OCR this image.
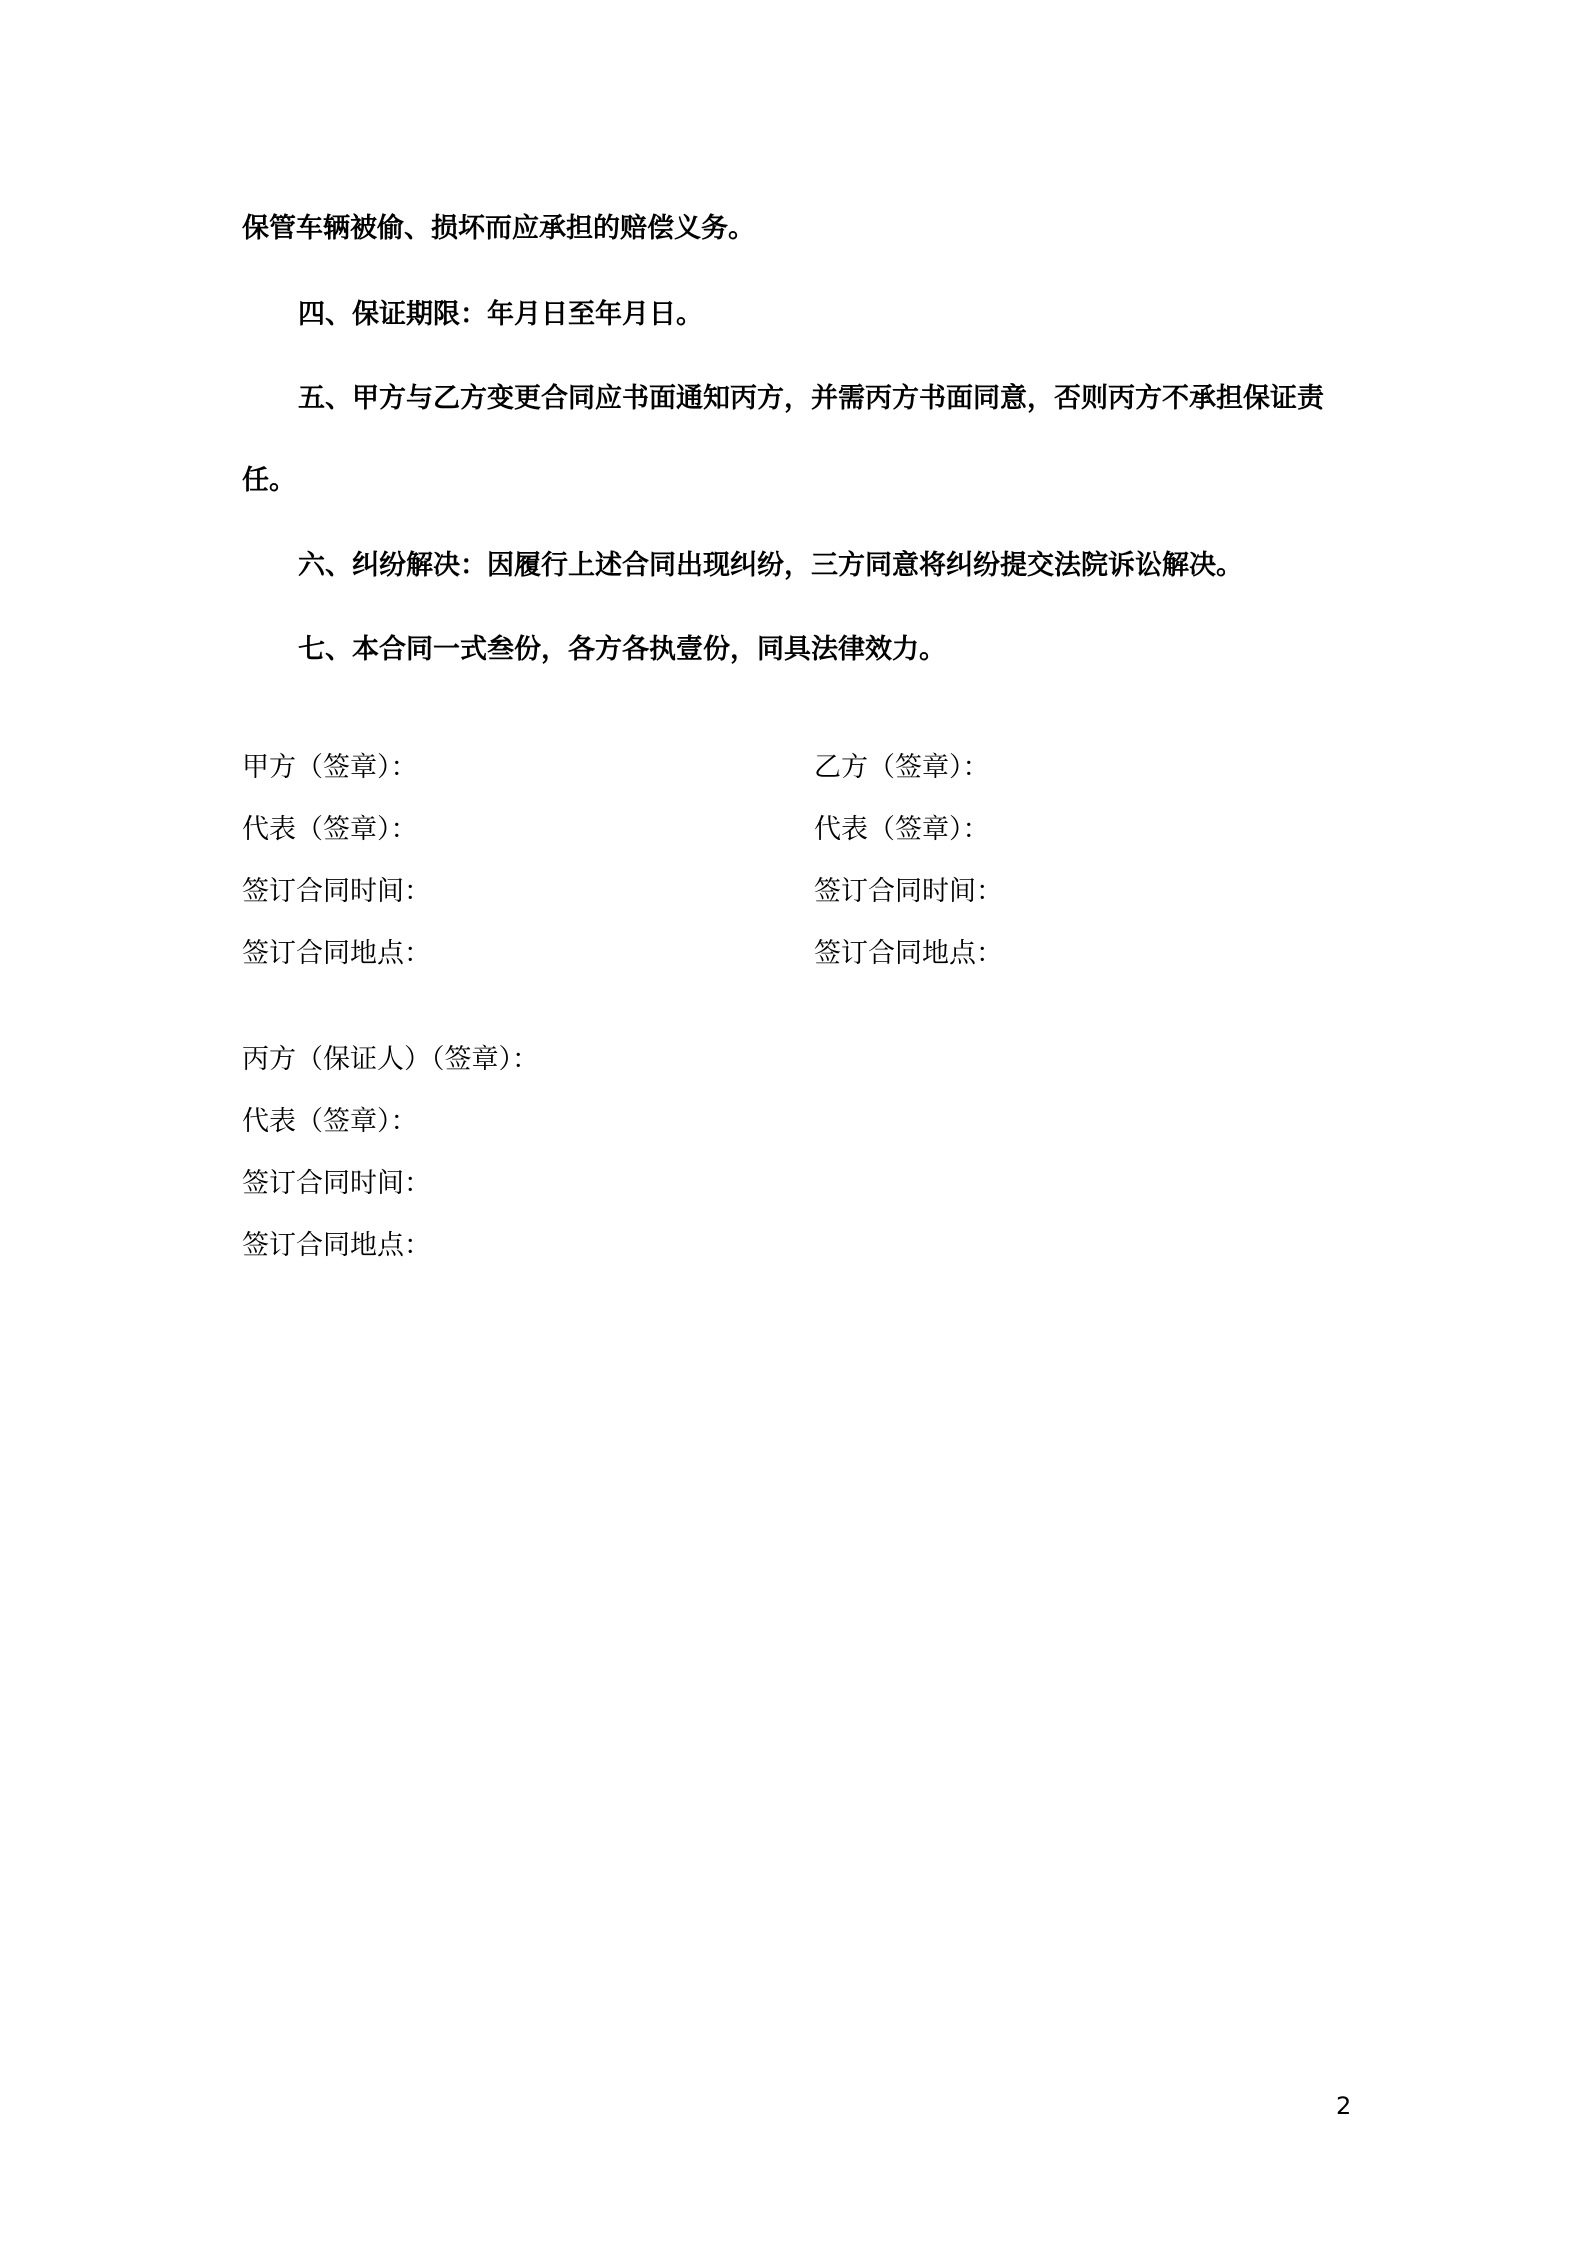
保管车辆被偷、损坏而应承担的赔偿义务。

四、保证期限：年月日至年月日。

五、甲方与乙方变更合同应书面通知丙方，并需丙方书面同意，否则丙方不承担保证责

任。

六、纠纷解决：因履行上述合同出现纠纷，三方同意将纠纷提交法院诉讼解决。

七、本合同一式叁份，各方各执壹份，同具法律效力。

甲方（签章）：

代表（签章）：

签订合同时间：

签订合同地点：

乙方（签章）：

代表（签章）：

签订合同时间：

签订合同地点：

丙方（保证人）（签章）：

代表（签章）：

签订合同时间：

签订合同地点：

2
